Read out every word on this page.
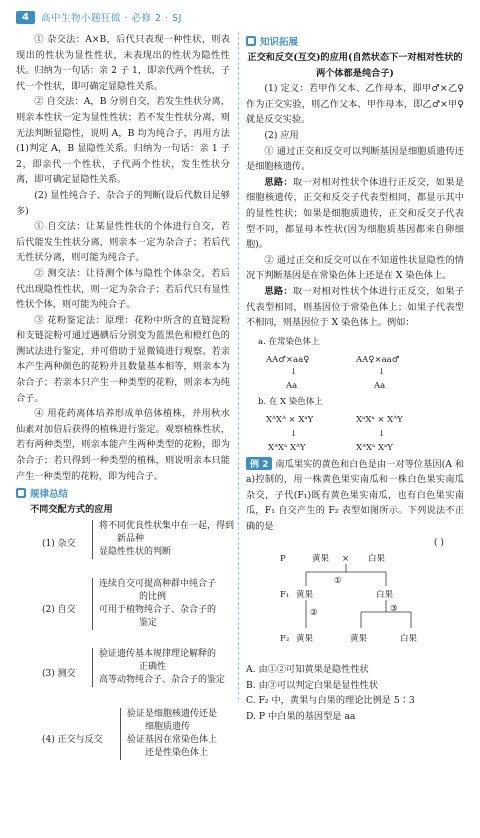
4	高中生物小题狂做 · 必修 2 · SJ

① 杂交法：A×B，后代只表现一种性状，则表现出的性状为显性性状，未表现出的性状为隐性性状。归纳为一句话：亲 2 子 1，即亲代两个性状，子代一个性状，即可确定显隐性关系。

② 自交法：A，B 分别自交，若发生性状分离，则亲本性状一定为显性性状；若不发生性状分离，则无法判断显隐性，说明 A，B 均为纯合子，再用方法(1)判定 A，B 显隐性关系。归纳为一句话：亲 1 子 2，即亲代一个性状，子代两个性状，发生性状分离，即可确定显隐性关系。

(2) 显性纯合子、杂合子的判断(设后代数目足够多)

① 自交法：让某显性性状的个体进行自交，若后代能发生性状分离，则亲本一定为杂合子；若后代无性状分离，则可能为纯合子。

② 测交法：让待测个体与隐性个体杂交，若后代出现隐性性状，则一定为杂合子；若后代只有显性性状个体，则可能为纯合子。

③ 花粉鉴定法：原理：花粉中所含的直链淀粉和支链淀粉可通过遇碘后分别变为蓝黑色和橙红色的测试法进行鉴定，并可借助于显微镜进行观察。若亲本产生两种颜色的花粉并且数量基本相等，则亲本为杂合子；若亲本只产生一种类型的花粉，则亲本为纯合子。

④ 用花药离体培养形成单倍体植株，并用秋水仙素对加倍后获得的植株进行鉴定。观察植株性状，若有两种类型，则亲本能产生两种类型的花粉，即为杂合子；若只得到一种类型的植株，则说明亲本只能产生一种类型的花粉，即为纯合子。

规律总结
不同交配方式的应用
(1) 杂交
将不同优良性状集中在一起，得到
新品种
显隐性性状的判断
(2) 自交
连续自交可提高种群中纯合子
的比例
可用于植物纯合子、杂合子的
鉴定
(3) 测交
验证遗传基本规律理论解释的
正确性
高等动物纯合子、杂合子的鉴定
(4) 正交与反交
验证是细胞核遗传还是
细胞质遗传
验证基因在常染色体上
还是性染色体上
知识拓展

正交和反交(互交)的应用(自然状态下一对相对性状的两个体都是纯合子)

(1) 定义：若甲作父本、乙作母本，即甲♂×乙♀作为正交实验，则乙作父本、甲作母本，即乙♂×甲♀就是反交实验。

(2) 应用

① 通过正交和反交可以判断基因是细胞质遗传还是细胞核遗传。

思路：取一对相对性状个体进行正反交，如果是细胞核遗传，正交和反交子代表型相同，都显示其中的显性性状；如果是细胞质遗传，正交和反交子代表型不同，都显母本性状(因为细胞质基因都来自卵细胞)。

② 通过正交和反交可以在不知道性状显隐性的情况下判断基因是在常染色体上还是在 X 染色体上。

思路：取一对相对性状个体进行正反交，如果子代表型相同，则基因位于常染色体上；如果子代表型不相同，则基因位于 X 染色体上。例如：

a. 在常染色体上
AA♂×aa♀	AA♀×aa♂
↓	↓
Aa	Aa
b. 在 X 染色体上
XᴬXᴬ × XᵃY	XᵃXᵃ × XᴬY
↓	↓
XᴬXᵃ XᴬY	XᴬXᵃ XᵃY

例 2 南瓜果实的黄色和白色是由一对等位基因(A 和 a)控制的，用一株黄色果实南瓜和一株白色果实南瓜杂交，子代(F₁)既有黄色果实南瓜，也有白色果实南瓜，F₁ 自交产生的 F₂ 表型如图所示。下列说法不正确的是

( )
P	黄果 × 白果
F₁ 黄果	白果
②	③
①
F₂ 黄果	黄果	白果
A. 由①②可知黄果是隐性性状
B. 由③可以判定白果是显性性状
C. F₂ 中，黄果与白果的理论比例是 5∶3
D. P 中白果的基因型是 aa
